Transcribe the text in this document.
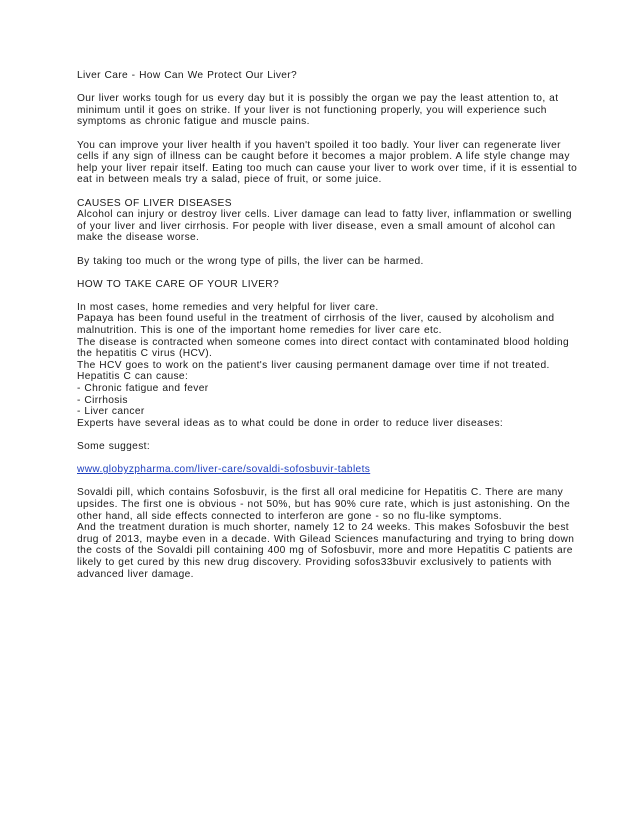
Liver Care - How Can We Protect Our Liver?

Our liver works tough for us every day but it is possibly the organ we pay the least attention to, at
minimum until it goes on strike. If your liver is not functioning properly, you will experience such
symptoms as chronic fatigue and muscle pains.

You can improve your liver health if you haven't spoiled it too badly. Your liver can regenerate liver
cells if any sign of illness can be caught before it becomes a major problem. A life style change may
help your liver repair itself. Eating too much can cause your liver to work over time, if it is essential to
eat in between meals try a salad, piece of fruit, or some juice.

CAUSES OF LIVER DISEASES
Alcohol can injury or destroy liver cells. Liver damage can lead to fatty liver, inflammation or swelling
of your liver and liver cirrhosis. For people with liver disease, even a small amount of alcohol can
make the disease worse.

By taking too much or the wrong type of pills, the liver can be harmed.

HOW TO TAKE CARE OF YOUR LIVER?

In most cases, home remedies and very helpful for liver care.
Papaya has been found useful in the treatment of cirrhosis of the liver, caused by alcoholism and
malnutrition. This is one of the important home remedies for liver care etc.
The disease is contracted when someone comes into direct contact with contaminated blood holding
the hepatitis C virus (HCV).
The HCV goes to work on the patient's liver causing permanent damage over time if not treated.
Hepatitis C can cause:
- Chronic fatigue and fever
- Cirrhosis
- Liver cancer
Experts have several ideas as to what could be done in order to reduce liver diseases:

Some suggest:

www.globyzpharma.com/liver-care/sovaldi-sofosbuvir-tablets

Sovaldi pill, which contains Sofosbuvir, is the first all oral medicine for Hepatitis C. There are many
upsides. The first one is obvious - not 50%, but has 90% cure rate, which is just astonishing. On the
other hand, all side effects connected to interferon are gone - so no flu-like symptoms.
And the treatment duration is much shorter, namely 12 to 24 weeks. This makes Sofosbuvir the best
drug of 2013, maybe even in a decade. With Gilead Sciences manufacturing and trying to bring down
the costs of the Sovaldi pill containing 400 mg of Sofosbuvir, more and more Hepatitis C patients are
likely to get cured by this new drug discovery. Providing sofos33buvir exclusively to patients with
advanced liver damage.
